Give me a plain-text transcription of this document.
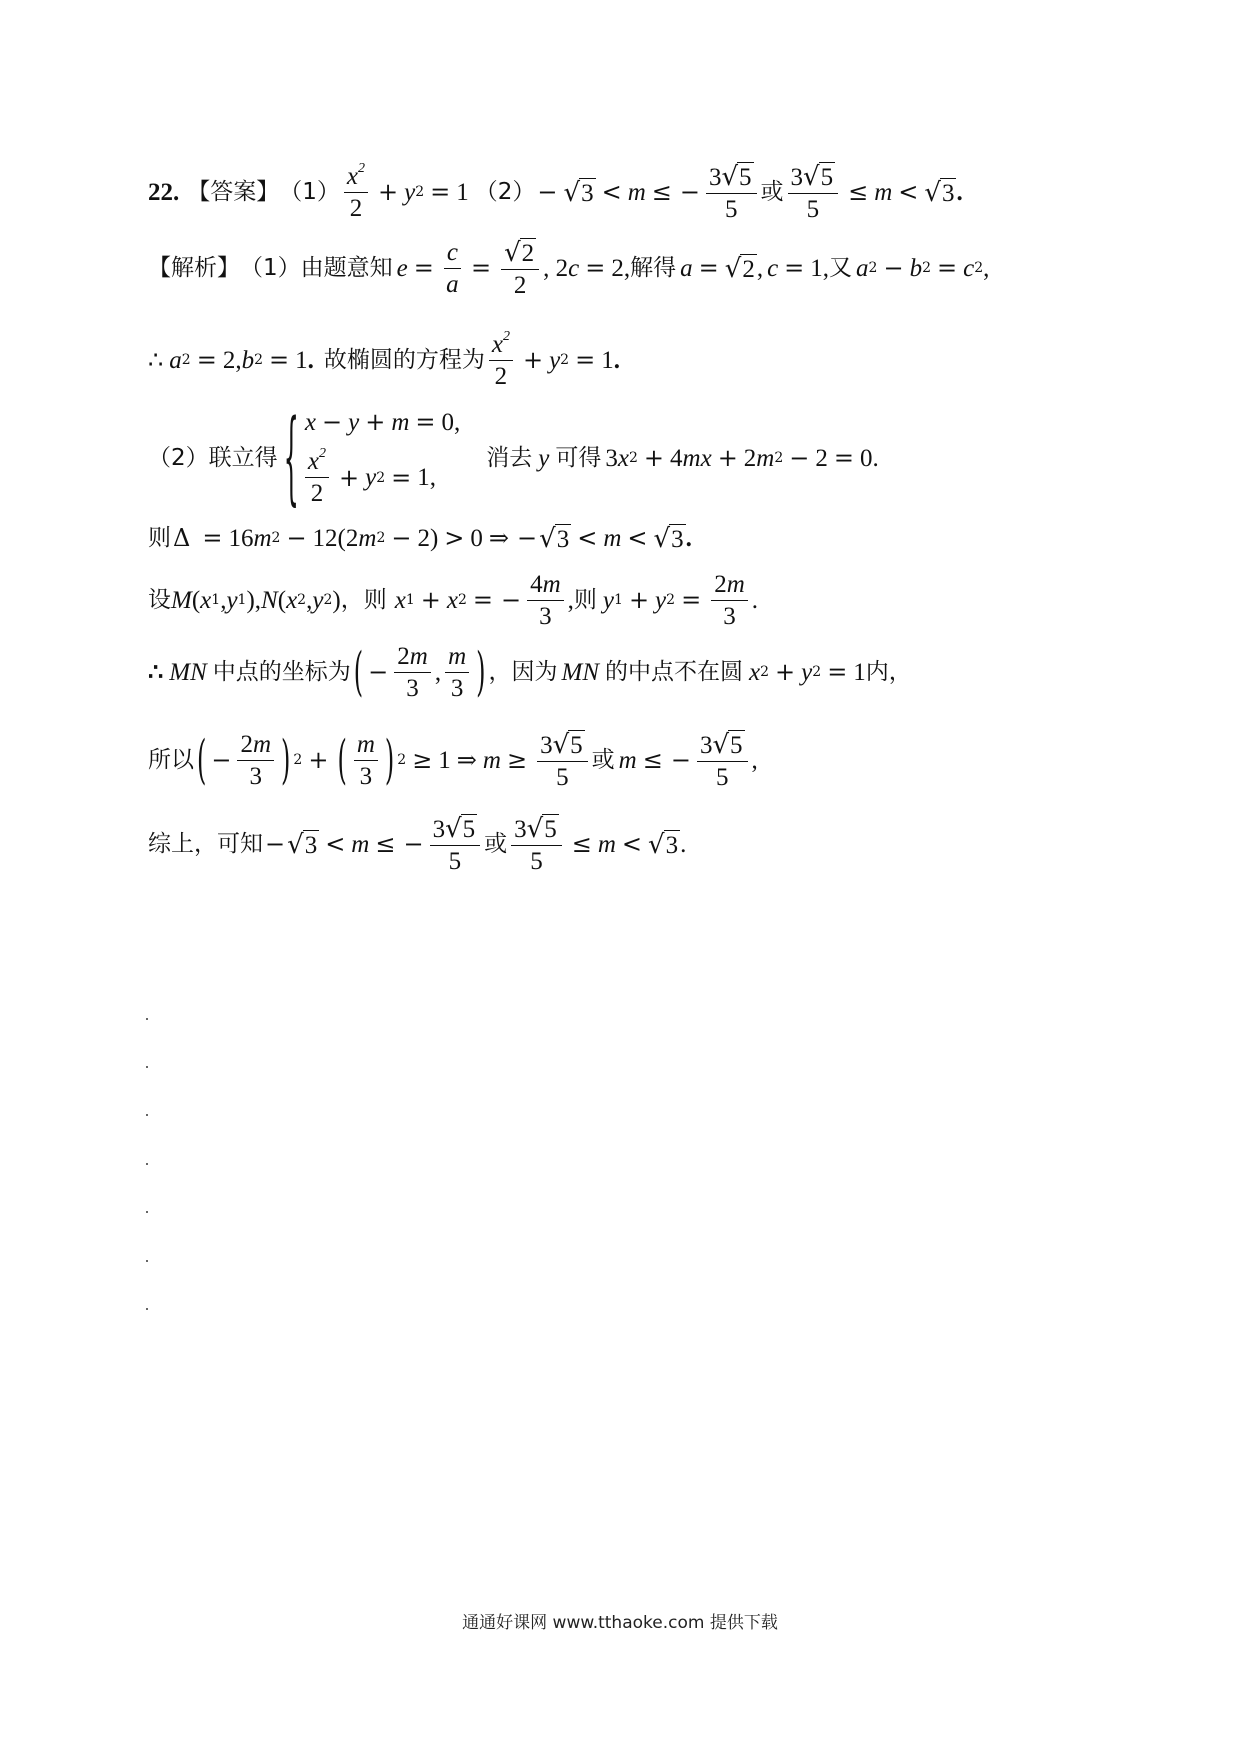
22. 【答案】 $(1) \frac{x^2}{2} + y$ 2 = 1 （2） − √ 3 < m ≤ − $\frac{3 √ 5}{5}$ 或 $\frac{3 √ 5}{5} \le m$ < √ 3 .
【解析】 （1）由题意知 $e = \frac{c}{a} = \frac{√ 2}{2}$ , 2 c = 2, 解得 a = √ 2 , c = 1, 又 a 2 − b 2 = c 2 ,
∴ a 2 = 2, b 2 = 1 . 故椭圆的方程为 $\frac{x^2}{2} + y$ 2 = 1 .
（2）联立得 { x − y + m = 0,
$\frac{x^2}{2} + y$ 2 = 1,
消去 y 可得 3 x 2 + 4 mx + 2 m 2 − 2 = 0.
则 Δ = 16 m 2 − 12 (2 m 2 − 2) > 0 ⇒ − √ 3 < m < √ 3 .
设 M ( x 1 , y 1 ), N ( x 2 , y 2 ) ，则 x 1 + x 2 = − $\frac{4m}{3}$ , 则 y 1 + y $2 = \frac{2m}{3}$ .
∴ MN 中点的坐标为 ( − $\frac{2m}{3}$ , $\frac{m}{3}$ ) ，因为 MN 的中点不在圆 x 2 + y 2 = 1 内，
所以 ( − $\frac{2m}{3}$ ) 2 + ( $\frac{m}{3}$ ) 2 ≥ 1 ⇒ $m \ge \frac{3 √ 5}{5}$ 或 m ≤ − $\frac{3 √ 5}{5}$ ,
综上，可知 − √ 3 < m ≤ − $\frac{3 √ 5}{5}$ 或 $\frac{3 √ 5}{5} \le m$ < √ 3 .
通通好课网 www.tthaoke.com 提供下载
